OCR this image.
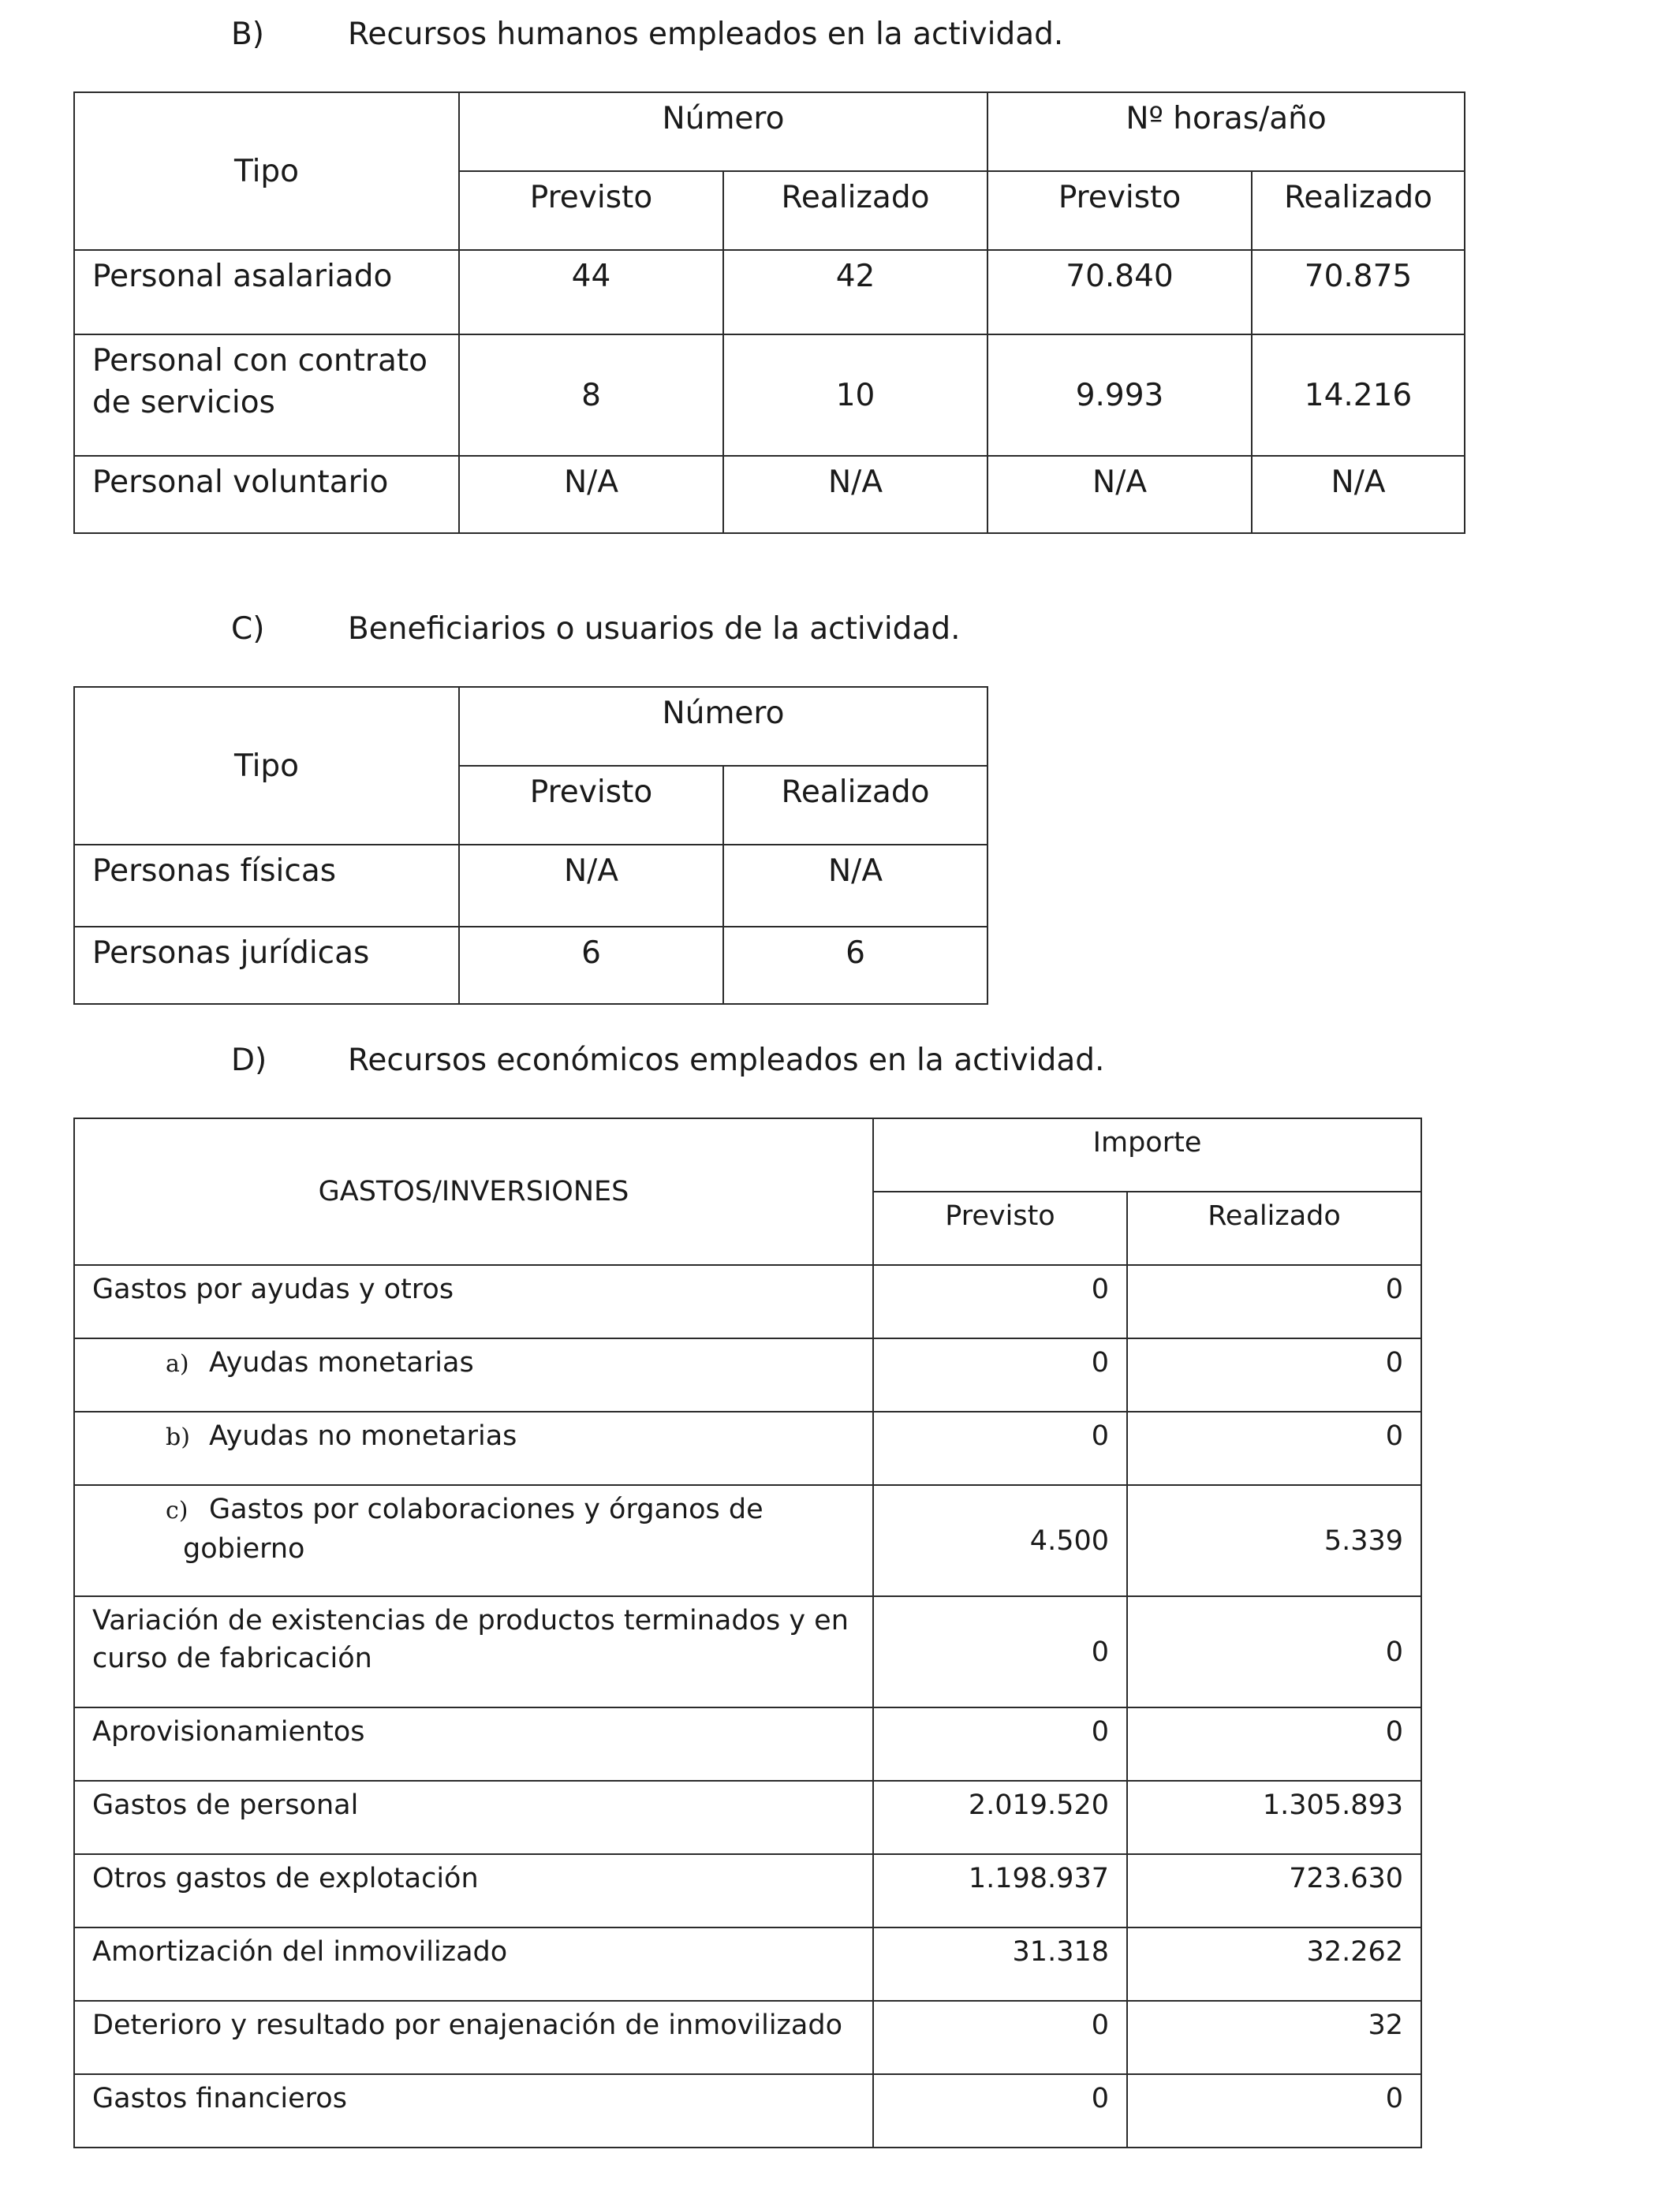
B)	Recursos humanos empleados en la actividad.
Tipo	Número		Nº horas/año	
	Previsto	Realizado	Previsto	Realizado
Personal asalariado	44	42	70.840	70.875

Personal con contrato
de servicios	8	10	9.993	14.216
Personal voluntario	N/A	N/A	N/A	N/A
C)	Beneficiarios o usuarios de la actividad.
Tipo	Número	
	Previsto	Realizado
Personas físicas	N/A	N/A
Personas jurídicas	6	6
D)	Recursos económicos empleados en la actividad.
GASTOS/INVERSIONES	Importe	
	Previsto	Realizado
Gastos por ayudas y otros	0	0
a) Ayudas monetarias	0	0
b) Ayudas no monetarias	0	0

c) Gastos por colaboraciones y órganos de
gobierno	4.500	5.339

Variación de existencias de productos terminados y en
curso de fabricación	0	0
Aprovisionamientos	0	0
Gastos de personal	2.019.520	1.305.893
Otros gastos de explotación	1.198.937	723.630
Amortización del inmovilizado	31.318	32.262
Deterioro y resultado por enajenación de inmovilizado	0	32
Gastos financieros	0	0
